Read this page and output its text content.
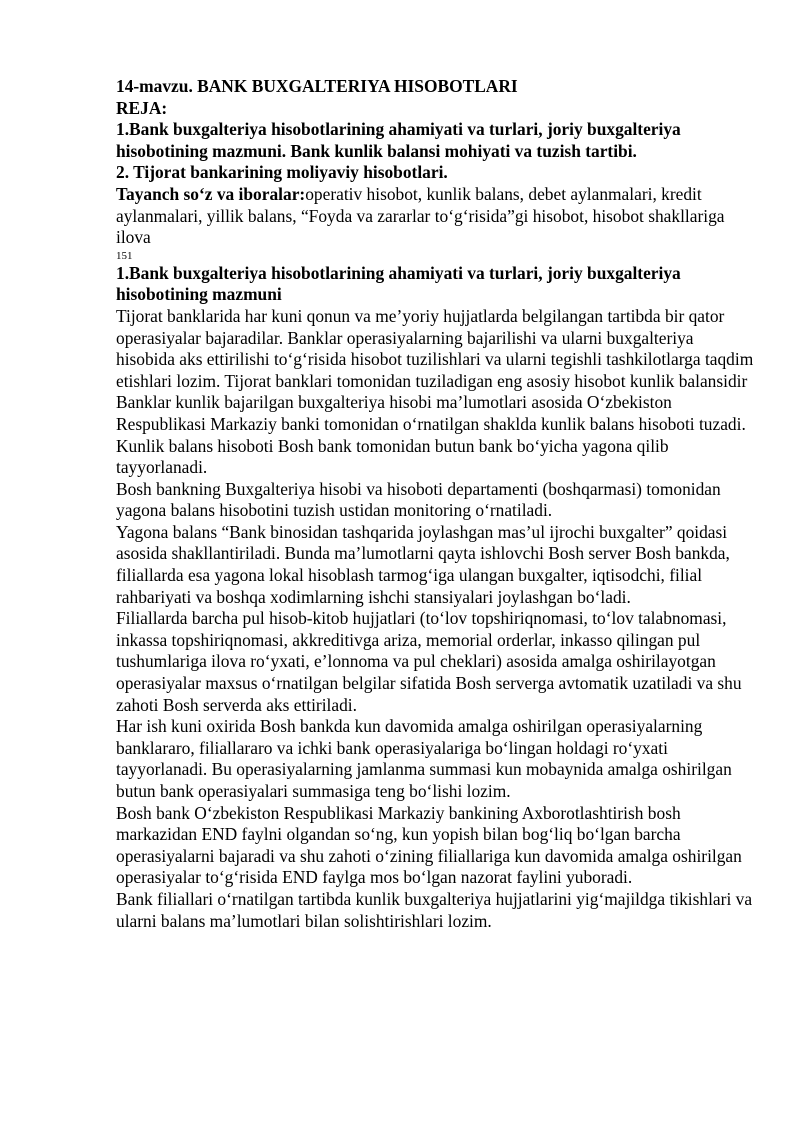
14-mavzu. BANK BUXGALTERIYA HISOBOTLARI

REJA:

1.Bank buxgalteriya hisobotlarining ahamiyati va turlari, joriy buxgalteriya hisobotining mazmuni. Bank kunlik balansi mohiyati va tuzish tartibi.

2. Tijorat bankarining moliyaviy hisobotlari.

Tayanch so‘z va iboralar:operativ hisobot, kunlik balans, debet aylanmalari, kredit aylanmalari, yillik balans, “Foyda va zararlar to‘g‘risida”gi hisobot, hisobot shakllariga ilova

151

1.Bank buxgalteriya hisobotlarining ahamiyati va turlari, joriy buxgalteriya hisobotining mazmuni

Tijorat banklarida har kuni qonun va me’yoriy hujjatlarda belgilangan tartibda bir qator operasiyalar bajaradilar. Banklar operasiyalarning bajarilishi va ularni buxgalteriya hisobida aks ettirilishi to‘g‘risida hisobot tuzilishlari va ularni tegishli tashkilotlarga taqdim etishlari lozim. Tijorat banklari tomonidan tuziladigan eng asosiy hisobot kunlik balansidir

Banklar kunlik bajarilgan buxgalteriya hisobi ma’lumotlari asosida O‘zbekiston Respublikasi Markaziy banki tomonidan o‘rnatilgan shaklda kunlik balans hisoboti tuzadi. Kunlik balans hisoboti Bosh bank tomonidan butun bank bo‘yicha yagona qilib tayyorlanadi.

Bosh bankning Buxgalteriya hisobi va hisoboti departamenti (boshqarmasi) tomonidan yagona balans hisobotini tuzish ustidan monitoring o‘rnatiladi.

Yagona balans “Bank binosidan tashqarida joylashgan mas’ul ijrochi buxgalter” qoidasi asosida shakllantiriladi. Bunda ma’lumotlarni qayta ishlovchi Bosh server Bosh bankda, filiallarda esa yagona lokal hisoblash tarmog‘iga ulangan buxgalter, iqtisodchi, filial rahbariyati va boshqa xodimlarning ishchi stansiyalari joylashgan bo‘ladi.

Filiallarda barcha pul hisob-kitob hujjatlari (to‘lov topshiriqnomasi, to‘lov talabnomasi, inkassa topshiriqnomasi, akkreditivga ariza, memorial orderlar, inkasso qilingan pul tushumlariga ilova ro‘yxati, e’lonnoma va pul cheklari) asosida amalga oshirilayotgan operasiyalar maxsus o‘rnatilgan belgilar sifatida Bosh serverga avtomatik uzatiladi va shu zahoti Bosh serverda aks ettiriladi.

Har ish kuni oxirida Bosh bankda kun davomida amalga oshirilgan operasiyalarning banklararo, filiallararo va ichki bank operasiyalariga bo‘lingan holdagi ro‘yxati tayyorlanadi. Bu operasiyalarning jamlanma summasi kun mobaynida amalga oshirilgan butun bank operasiyalari summasiga teng bo‘lishi lozim.

Bosh bank O‘zbekiston Respublikasi Markaziy bankining Axborotlashtirish bosh markazidan END faylni olgandan so‘ng, kun yopish bilan bog‘liq bo‘lgan barcha operasiyalarni bajaradi va shu zahoti o‘zining filiallariga kun davomida amalga oshirilgan operasiyalar to‘g‘risida END faylga mos bo‘lgan nazorat faylini yuboradi.

Bank filiallari o‘rnatilgan tartibda kunlik buxgalteriya hujjatlarini yig‘majildga tikishlari va ularni balans ma’lumotlari bilan solishtirishlari lozim.
